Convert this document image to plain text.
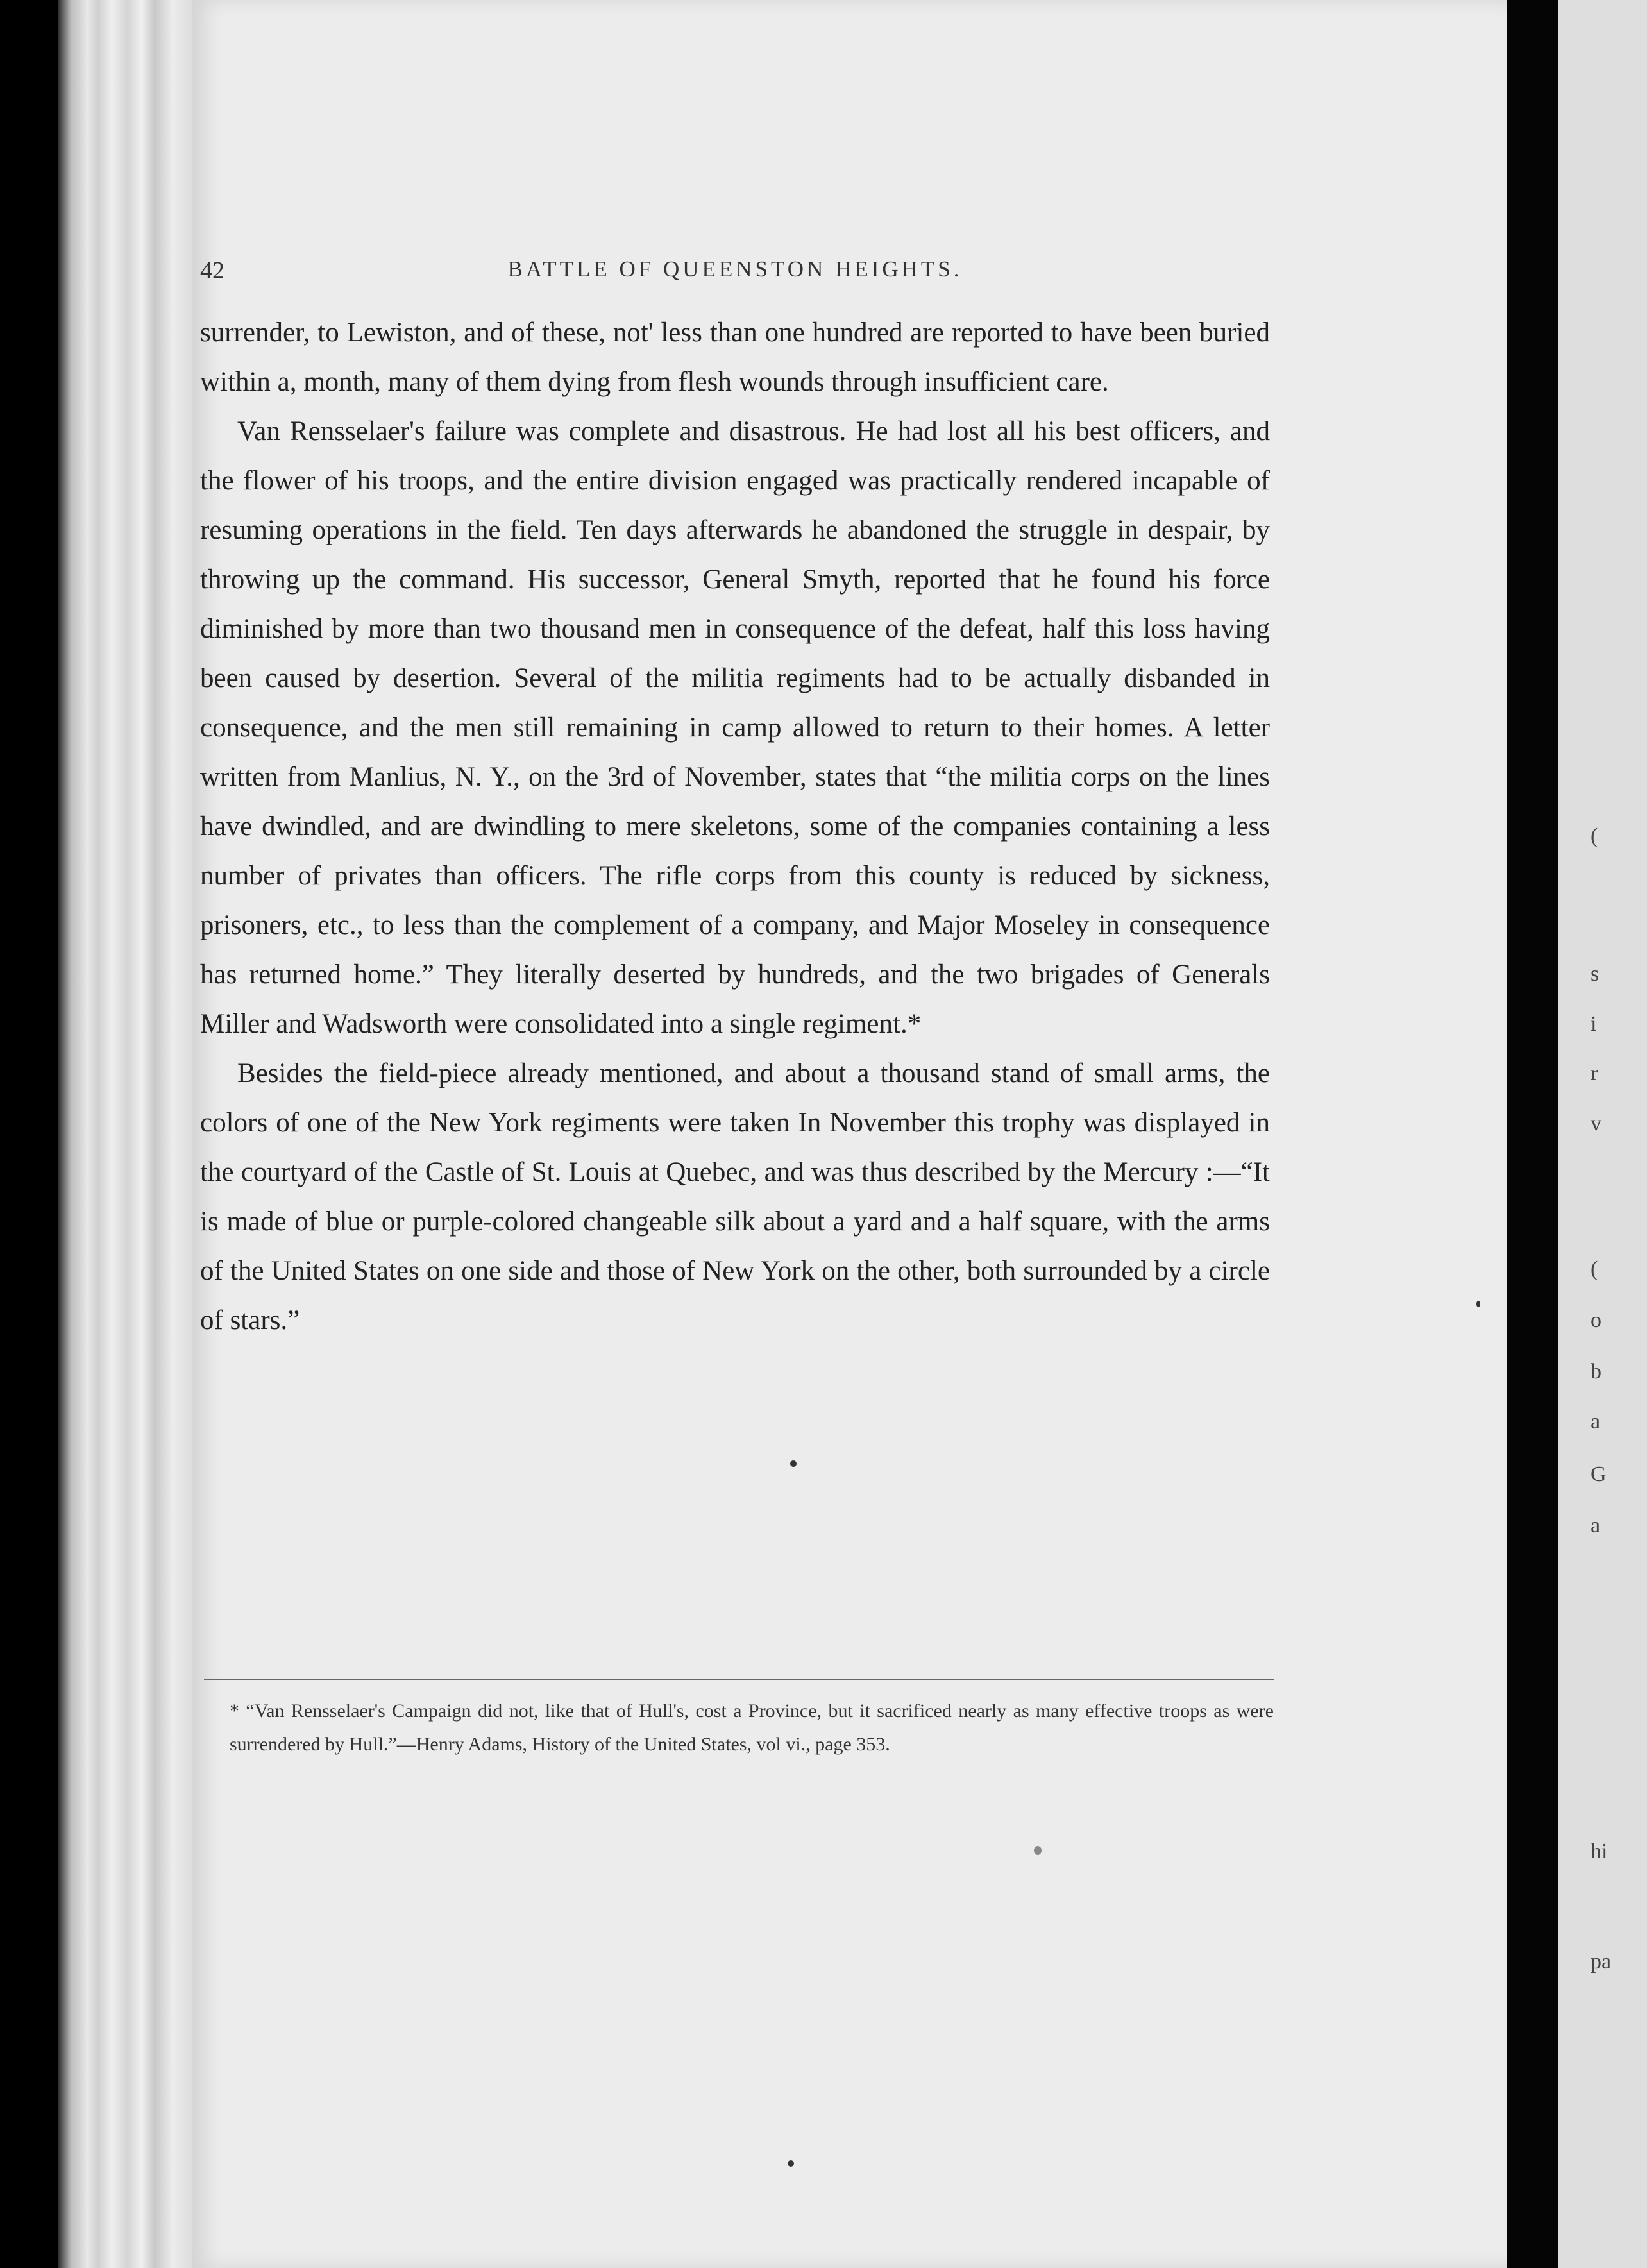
42	BATTLE OF QUEENSTON HEIGHTS.

surrender, to Lewiston, and of these, not' less than one hundred are reported to have been buried within a, month, many of them dying from flesh wounds through insufficient care.

Van Rensselaer's failure was complete and disastrous. He had lost all his best officers, and the flower of his troops, and the entire division engaged was practically rendered incapable of resuming operations in the field. Ten days afterwards he abandoned the struggle in despair, by throwing up the command. His successor, General Smyth, reported that he found his force diminished by more than two thousand men in consequence of the defeat, half this loss having been caused by desertion. Several of the militia regiments had to be actually disbanded in consequence, and the men still remaining in camp allowed to return to their homes. A letter written from Manlius, N. Y., on the 3rd of November, states that “the militia corps on the lines have dwindled, and are dwindling to mere skeletons, some of the companies containing a less number of privates than officers. The rifle corps from this county is reduced by sickness, prisoners, etc., to less than the complement of a company, and Major Moseley in consequence has returned home.” They literally deserted by hundreds, and the two brigades of Generals Miller and Wadsworth were consolidated into a single regiment.*

Besides the field-piece already mentioned, and about a thousand stand of small arms, the colors of one of the New York regiments were taken In November this trophy was displayed in the courtyard of the Castle of St. Louis at Quebec, and was thus described by the Mercury :—“It is made of blue or purple-colored changeable silk about a yard and a half square, with the arms of the United States on one side and those of New York on the other, both surrounded by a circle of stars.”

* “Van Rensselaer's Campaign did not, like that of Hull's, cost a Province, but it sacrificed nearly as many effective troops as were surrendered by Hull.”—Henry Adams, History of the United States, vol vi., page 353.
(
s
i
r
v
(
o
b
a
G
a
hi
pa
